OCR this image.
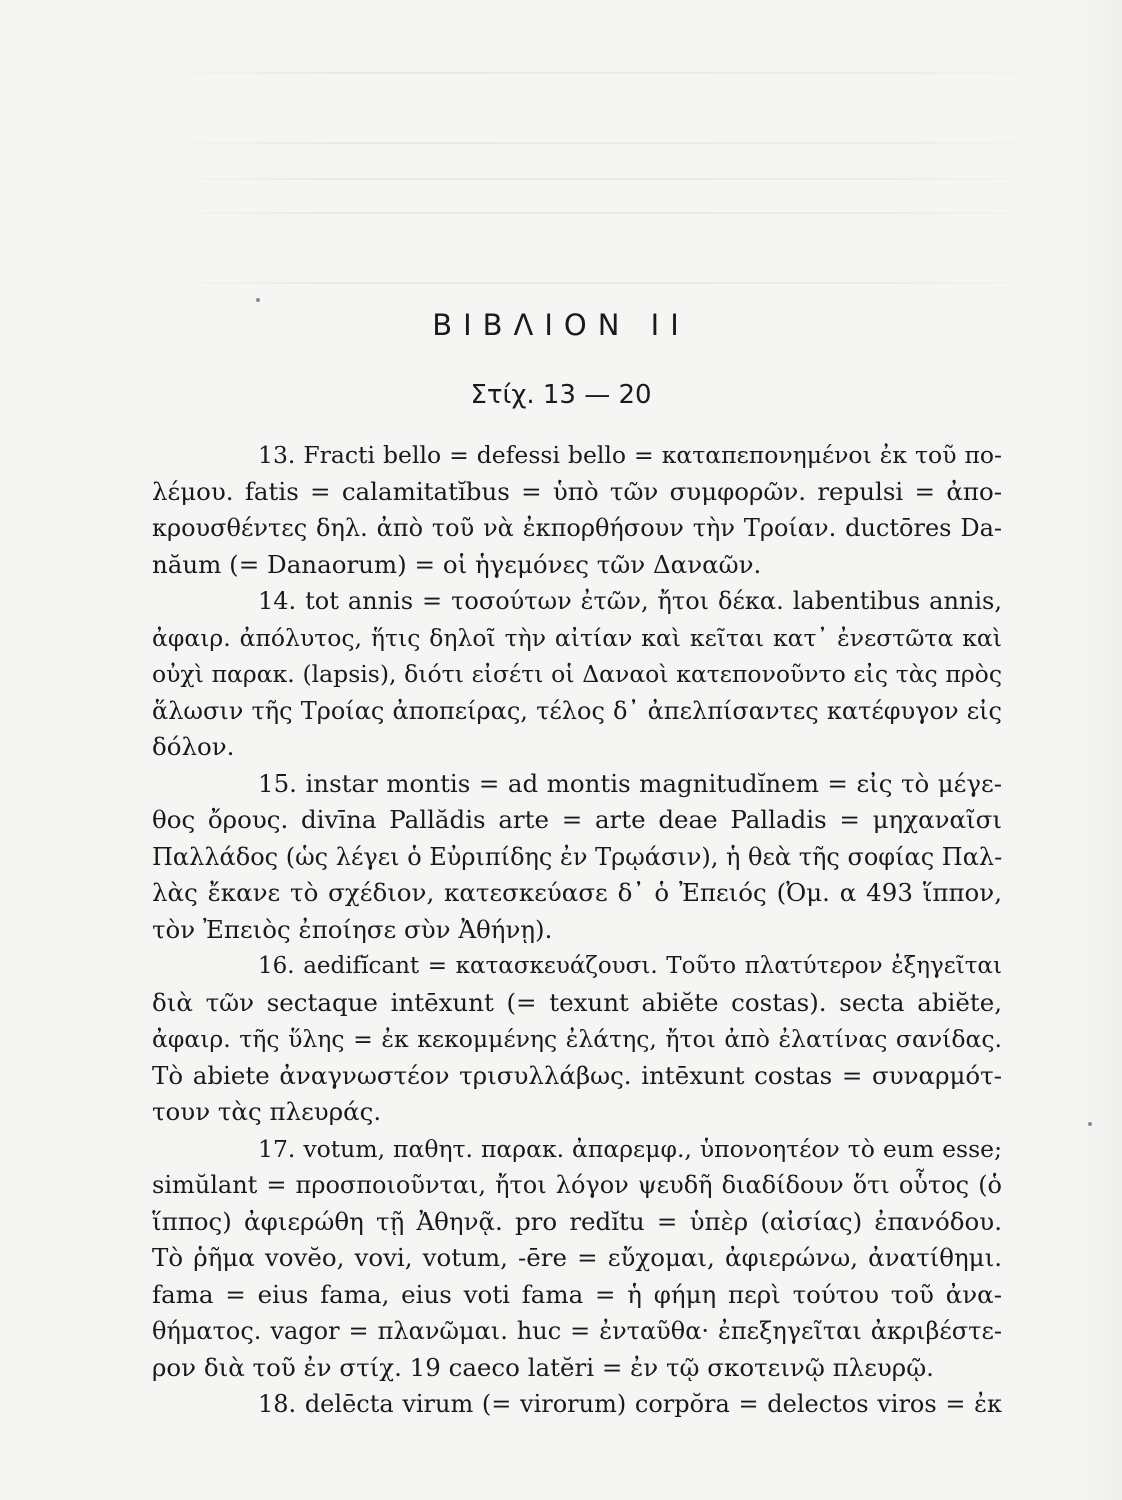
ΒΙΒΛΙΟΝ II
Στίχ. 13 — 20
13. Fracti bello = defessi bello = καταπεπονημένοι ἐκ τοῦ πο-
λέμου. fatis = calamitatĭbus = ὑπὸ τῶν συμφορῶν. repulsi = ἀπο-
κρουσθέντες δηλ. ἀπὸ τοῦ νὰ ἐκπορθήσουν τὴν Τροίαν. ductōres Da-
năum (= Danaorum) = οἱ ἡγεμόνες τῶν Δαναῶν.
14. tot annis = τοσούτων ἐτῶν, ἤτοι δέκα. labentibus annis,
ἀφαιρ. ἀπόλυτος, ἥτις δηλοῖ τὴν αἰτίαν καὶ κεῖται κατ᾿ ἐνεστῶτα καὶ
οὐχὶ παρακ. (lapsis), διότι εἰσέτι οἱ Δαναοὶ κατεπονοῦντο εἰς τὰς πρὸς
ἅλωσιν τῆς Τροίας ἀποπείρας, τέλος δ᾿ ἀπελπίσαντες κατέφυγον εἰς
δόλον.
15. instar montis = ad montis magnitudĭnem = εἰς τὸ μέγε-
θος ὄρους. divīna Pallădis arte = arte deae Palladis = μηχαναῖσι
Παλλάδος (ὡς λέγει ὁ Εὐριπίδης ἐν Τρῳάσιν), ἡ θεὰ τῆς σοφίας Παλ-
λὰς ἔκανε τὸ σχέδιον, κατεσκεύασε δ᾿ ὁ Ἐπειός (Ὀμ. α 493 ἵππον,
τὸν Ἐπειὸς ἐποίησε σὺν Ἀθήνῃ).
16. aedifĭcant = κατασκευάζουσι. Τοῦτο πλατύτερον ἐξηγεῖται
διὰ τῶν sectaque intēxunt (= texunt abiĕte costas). secta abiĕte,
ἀφαιρ. τῆς ὕλης = ἐκ κεκομμένης ἐλάτης, ἤτοι ἀπὸ ἐλατίνας σανίδας.
Τὸ abiete ἀναγνωστέον τρισυλλάβως. intēxunt costas = συναρμότ-
τουν τὰς πλευράς.
17. votum, παθητ. παρακ. ἀπαρεμφ., ὑπονοητέον τὸ eum esse;
simŭlant = προσποιοῦνται, ἤτοι λόγον ψευδῆ διαδίδουν ὅτι οὗτος (ὁ
ἵππος) ἀφιερώθη τῇ Ἀθηνᾷ. pro redĭtu = ὑπὲρ (αἰσίας) ἐπανόδου.
Τὸ ῥῆμα vovĕo, vovi, votum, -ēre = εὔχομαι, ἀφιερώνω, ἀνατίθημι.
fama = eius fama, eius voti fama = ἡ φήμη περὶ τούτου τοῦ ἀνα-
θήματος. vagor = πλανῶμαι. huc = ἐνταῦθα· ἐπεξηγεῖται ἀκριβέστε-
ρον διὰ τοῦ ἐν στίχ. 19 caeco latĕri = ἐν τῷ σκοτεινῷ πλευρῷ.
18. delēcta virum (= virorum) corpŏra = delectos viros = ἐκ
